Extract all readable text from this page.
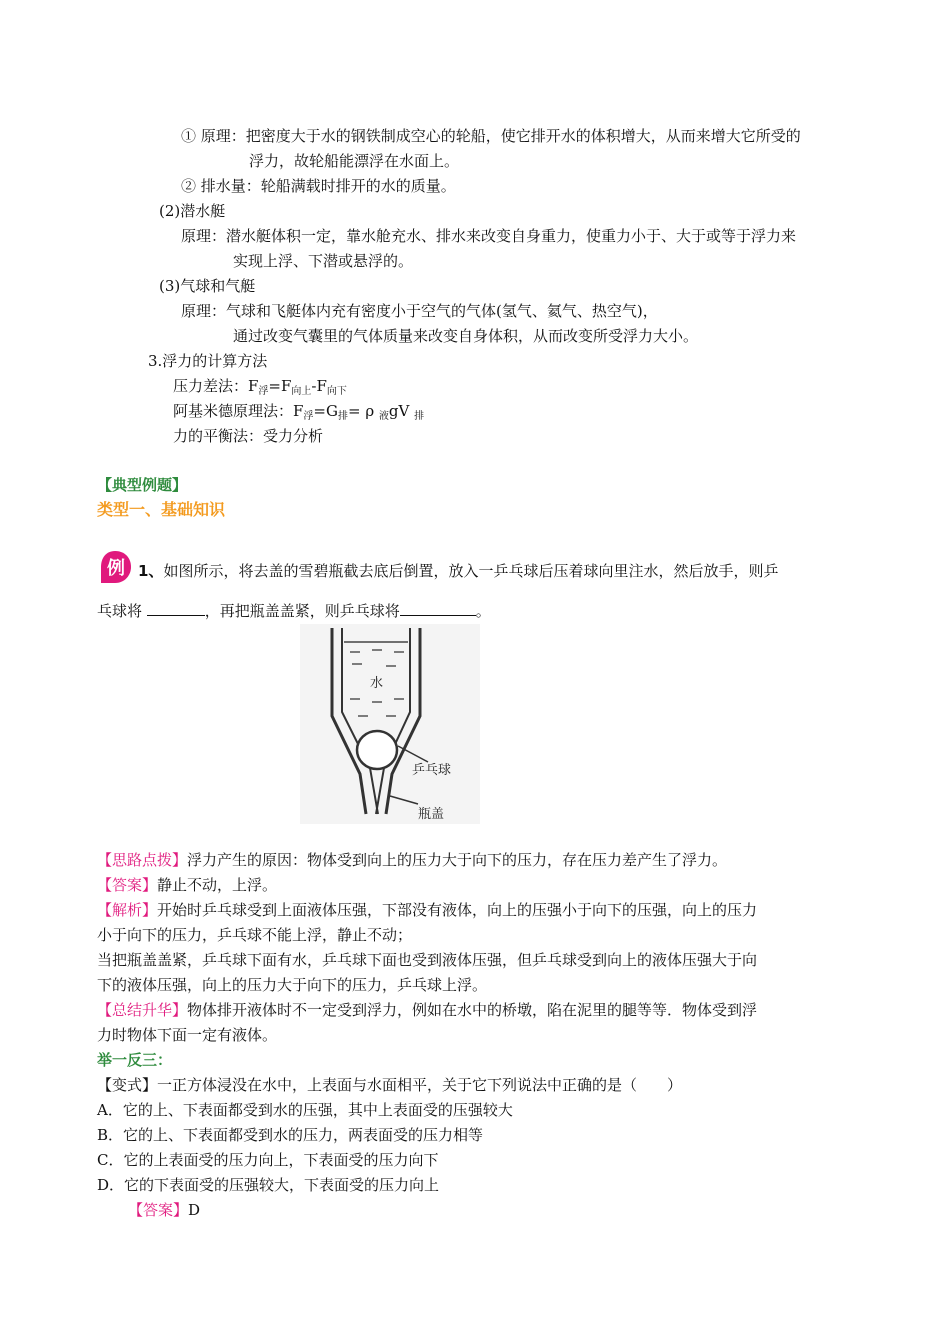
① 原理：把密度大于水的钢铁制成空心的轮船，使它排开水的体积增大，从而来增大它所受的
浮力，故轮船能漂浮在水面上。
② 排水量：轮船满载时排开的水的质量。
(2)潜水艇
原理：潜水艇体积一定，靠水舱充水、排水来改变自身重力，使重力小于、大于或等于浮力来
实现上浮、下潜或悬浮的。
(3)气球和气艇
原理：气球和飞艇体内充有密度小于空气的气体(氢气、氦气、热空气)，
通过改变气囊里的气体质量来改变自身体积，从而改变所受浮力大小。
3.浮力的计算方法
压力差法：$F_浮=F_{向上}-F_{向下}$
阿基米德原理法：$F_浮=G_排= \rho$ $_液$gV $_排$
力的平衡法：受力分析
【典型例题】
类型一、基础知识
例 1、如图所示，将去盖的雪碧瓶截去底后倒置，放入一乒乓球后压着球向里注水，然后放手，则乒
乓球将	，再把瓶盖盖紧，则乒乓球将	。
水
乒乓球
瓶盖
【思路点拨】浮力产生的原因：物体受到向上的压力大于向下的压力，存在压力差产生了浮力。
【答案】静止不动，上浮。
【解析】开始时乒乓球受到上面液体压强，下部没有液体，向上的压强小于向下的压强，向上的压力
小于向下的压力，乒乓球不能上浮，静止不动；
当把瓶盖盖紧，乒乓球下面有水，乒乓球下面也受到液体压强，但乒乓球受到向上的液体压强大于向
下的液体压强，向上的压力大于向下的压力，乒乓球上浮。
【总结升华】物体排开液体时不一定受到浮力，例如在水中的桥墩，陷在泥里的腿等等．物体受到浮
力时物体下面一定有液体。
举一反三：
【变式】一正方体浸没在水中，上表面与水面相平，关于它下列说法中正确的是（　　）
A．它的上、下表面都受到水的压强，其中上表面受的压强较大
B．它的上、下表面都受到水的压力，两表面受的压力相等
C．它的上表面受的压力向上，下表面受的压力向下
D．它的下表面受的压强较大，下表面受的压力向上
【答案】D
